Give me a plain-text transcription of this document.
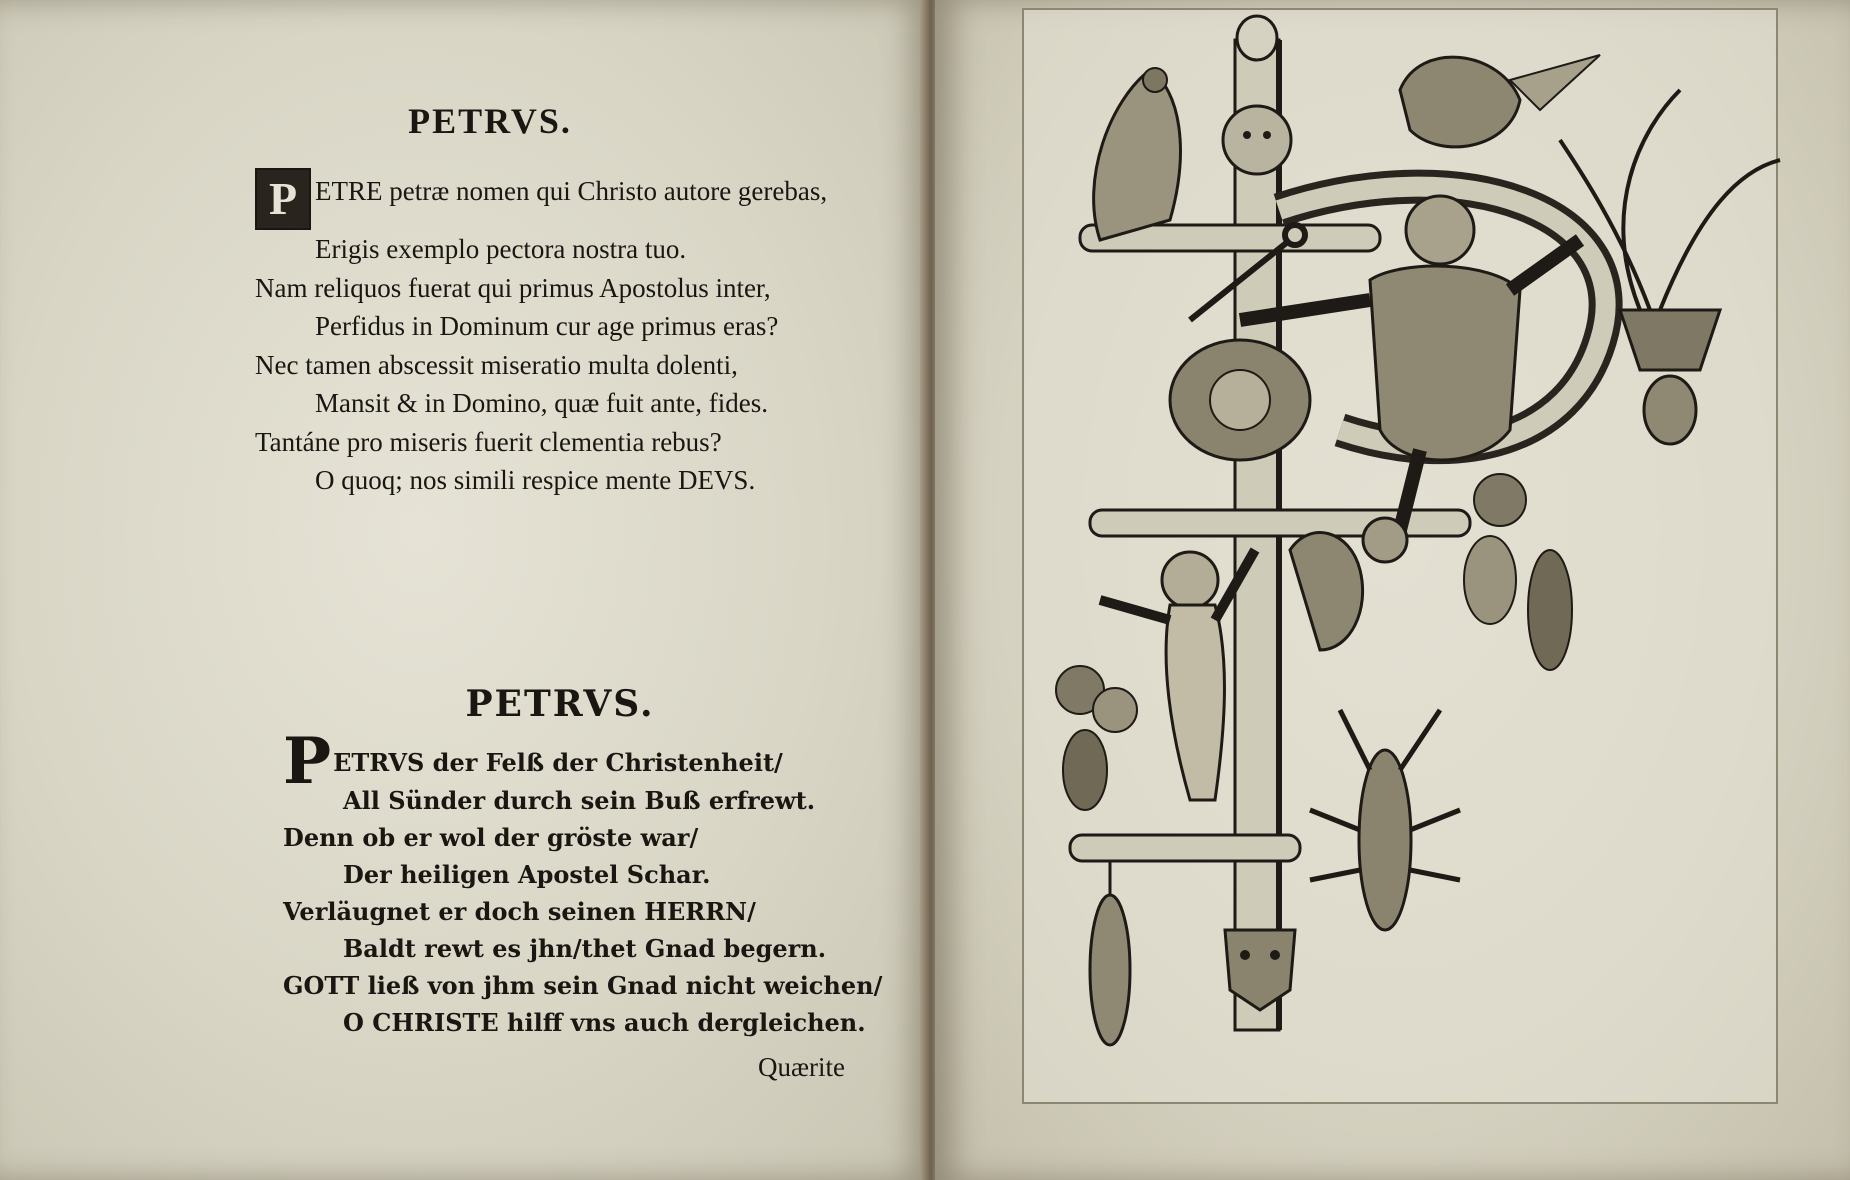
PETRVS.
P ETRE petræ nomen qui Christo autore gerebas,
Erigis exemplo pectora nostra tuo.
Nam reliquos fuerat qui primus Apostolus inter,
Perfidus in Dominum cur age primus eras?
Nec tamen abscessit miseratio multa dolenti,
Mansit & in Domino, quæ fuit ante, fides.
Tantáne pro miseris fuerit clementia rebus?
O quoq; nos simili respice mente DEVS.
PETRVS.
PETRVS der Felß der Christenheit/
All Sünder durch sein Buß erfrewt.
Denn ob er wol der gröste war/
Der heiligen Apostel Schar.
Verläugnet er doch seinen HERRN/
Baldt rewt es jhn/thet Gnad begern.
GOTT ließ von jhm sein Gnad nicht weichen/
O CHRISTE hilff vns auch dergleichen.
Quærite
